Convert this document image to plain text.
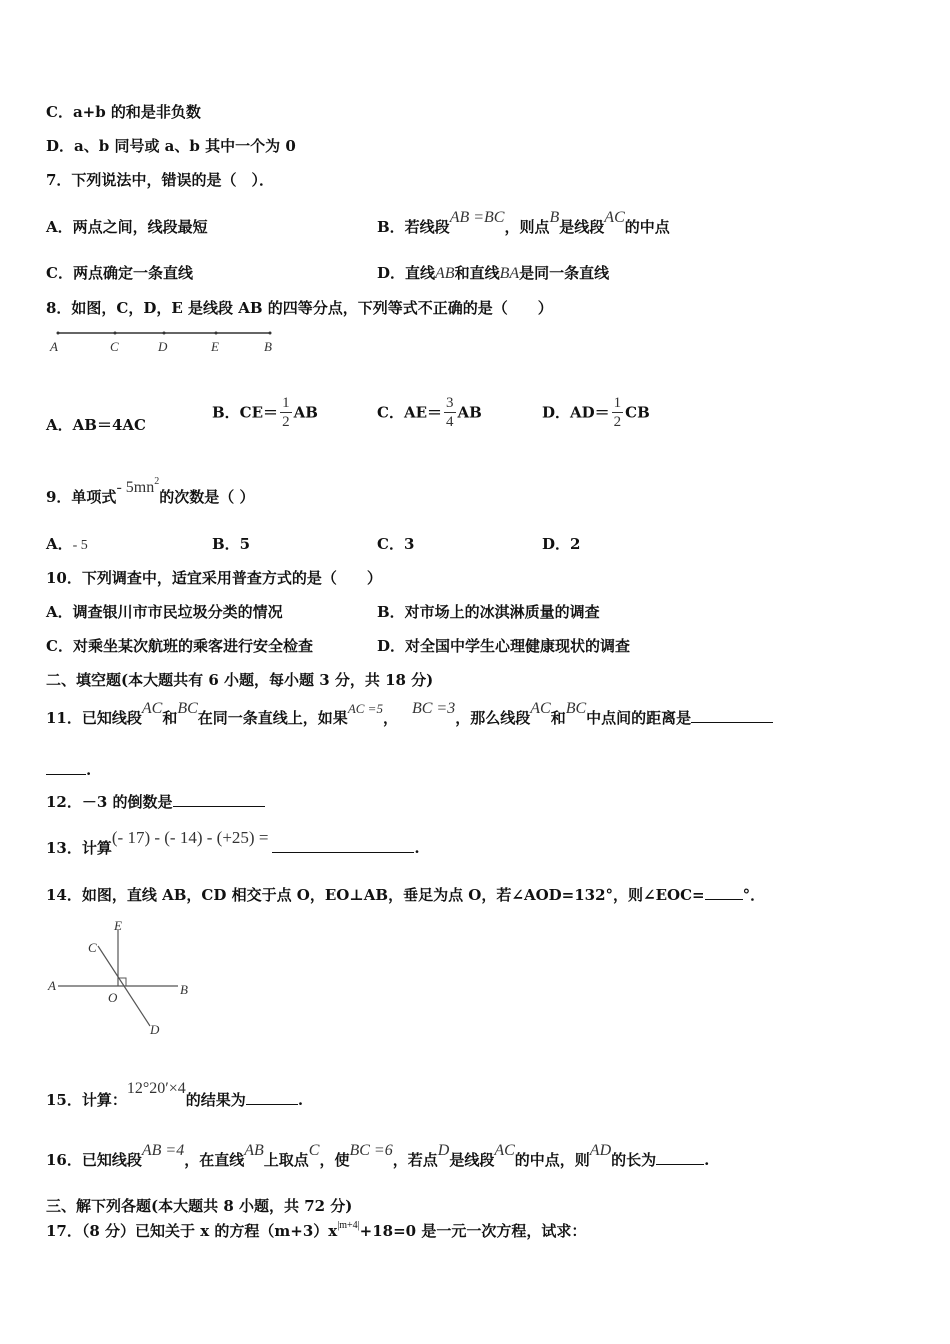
C．a+b 的和是非负数
D．a、b 同号或 a、b 其中一个为 0
7．下列说法中，错误的是（　）．
A．两点之间，线段最短	B．若线段AB =BC，则点B是线段AC的中点
C．两点确定一条直线	D．直线AB和直线BA是同一条直线
8．如图，C，D，E 是线段 AB 的四等分点，下列等式不正确的是（　　）
A	C	D	E	B
A．AB＝4AC
B．$CE= \frac{1}{2}$ AB	C．$AE= \frac{3}{4}$ AB	D．$AD= \frac{1}{2}$ CB
9．单项式- $5mn^2$的次数是（ ）
A．- 5	B．5	C．3	D．2
10．下列调查中，适宜采用普查方式的是（　　）
A．调查银川市市民垃圾分类的情况	B．对市场上的冰淇淋质量的调查
C．对乘坐某次航班的乘客进行安全检查	D．对全国中学生心理健康现状的调查
二、填空题(本大题共有 6 小题，每小题 3 分，共 18 分)
11．已知线段AC和BC在同一条直线上，如果AC =5，BC =3，那么线段AC和BC中点间的距离是
.
12．－3 的倒数是
13．计算(- 17) - (- 14) - (+25) =.
14．如图，直线 AB，CD 相交于点 O，EO⊥AB，垂足为点 O，若∠AOD=132°，则∠EOC=	°．
A	B
C
D
E
O
15．计算：12°20′×4的结果为	.
16．已知线段AB =4，在直线AB上取点C，使BC =6，若点D是线段AC的中点，则AD的长为	.
三、解下列各题(本大题共 8 小题，共 72 分)
17．（8 分）已知关于 x 的方程$(m+3)x^{|m+4|}+18=0$ 是一元一次方程，试求：
